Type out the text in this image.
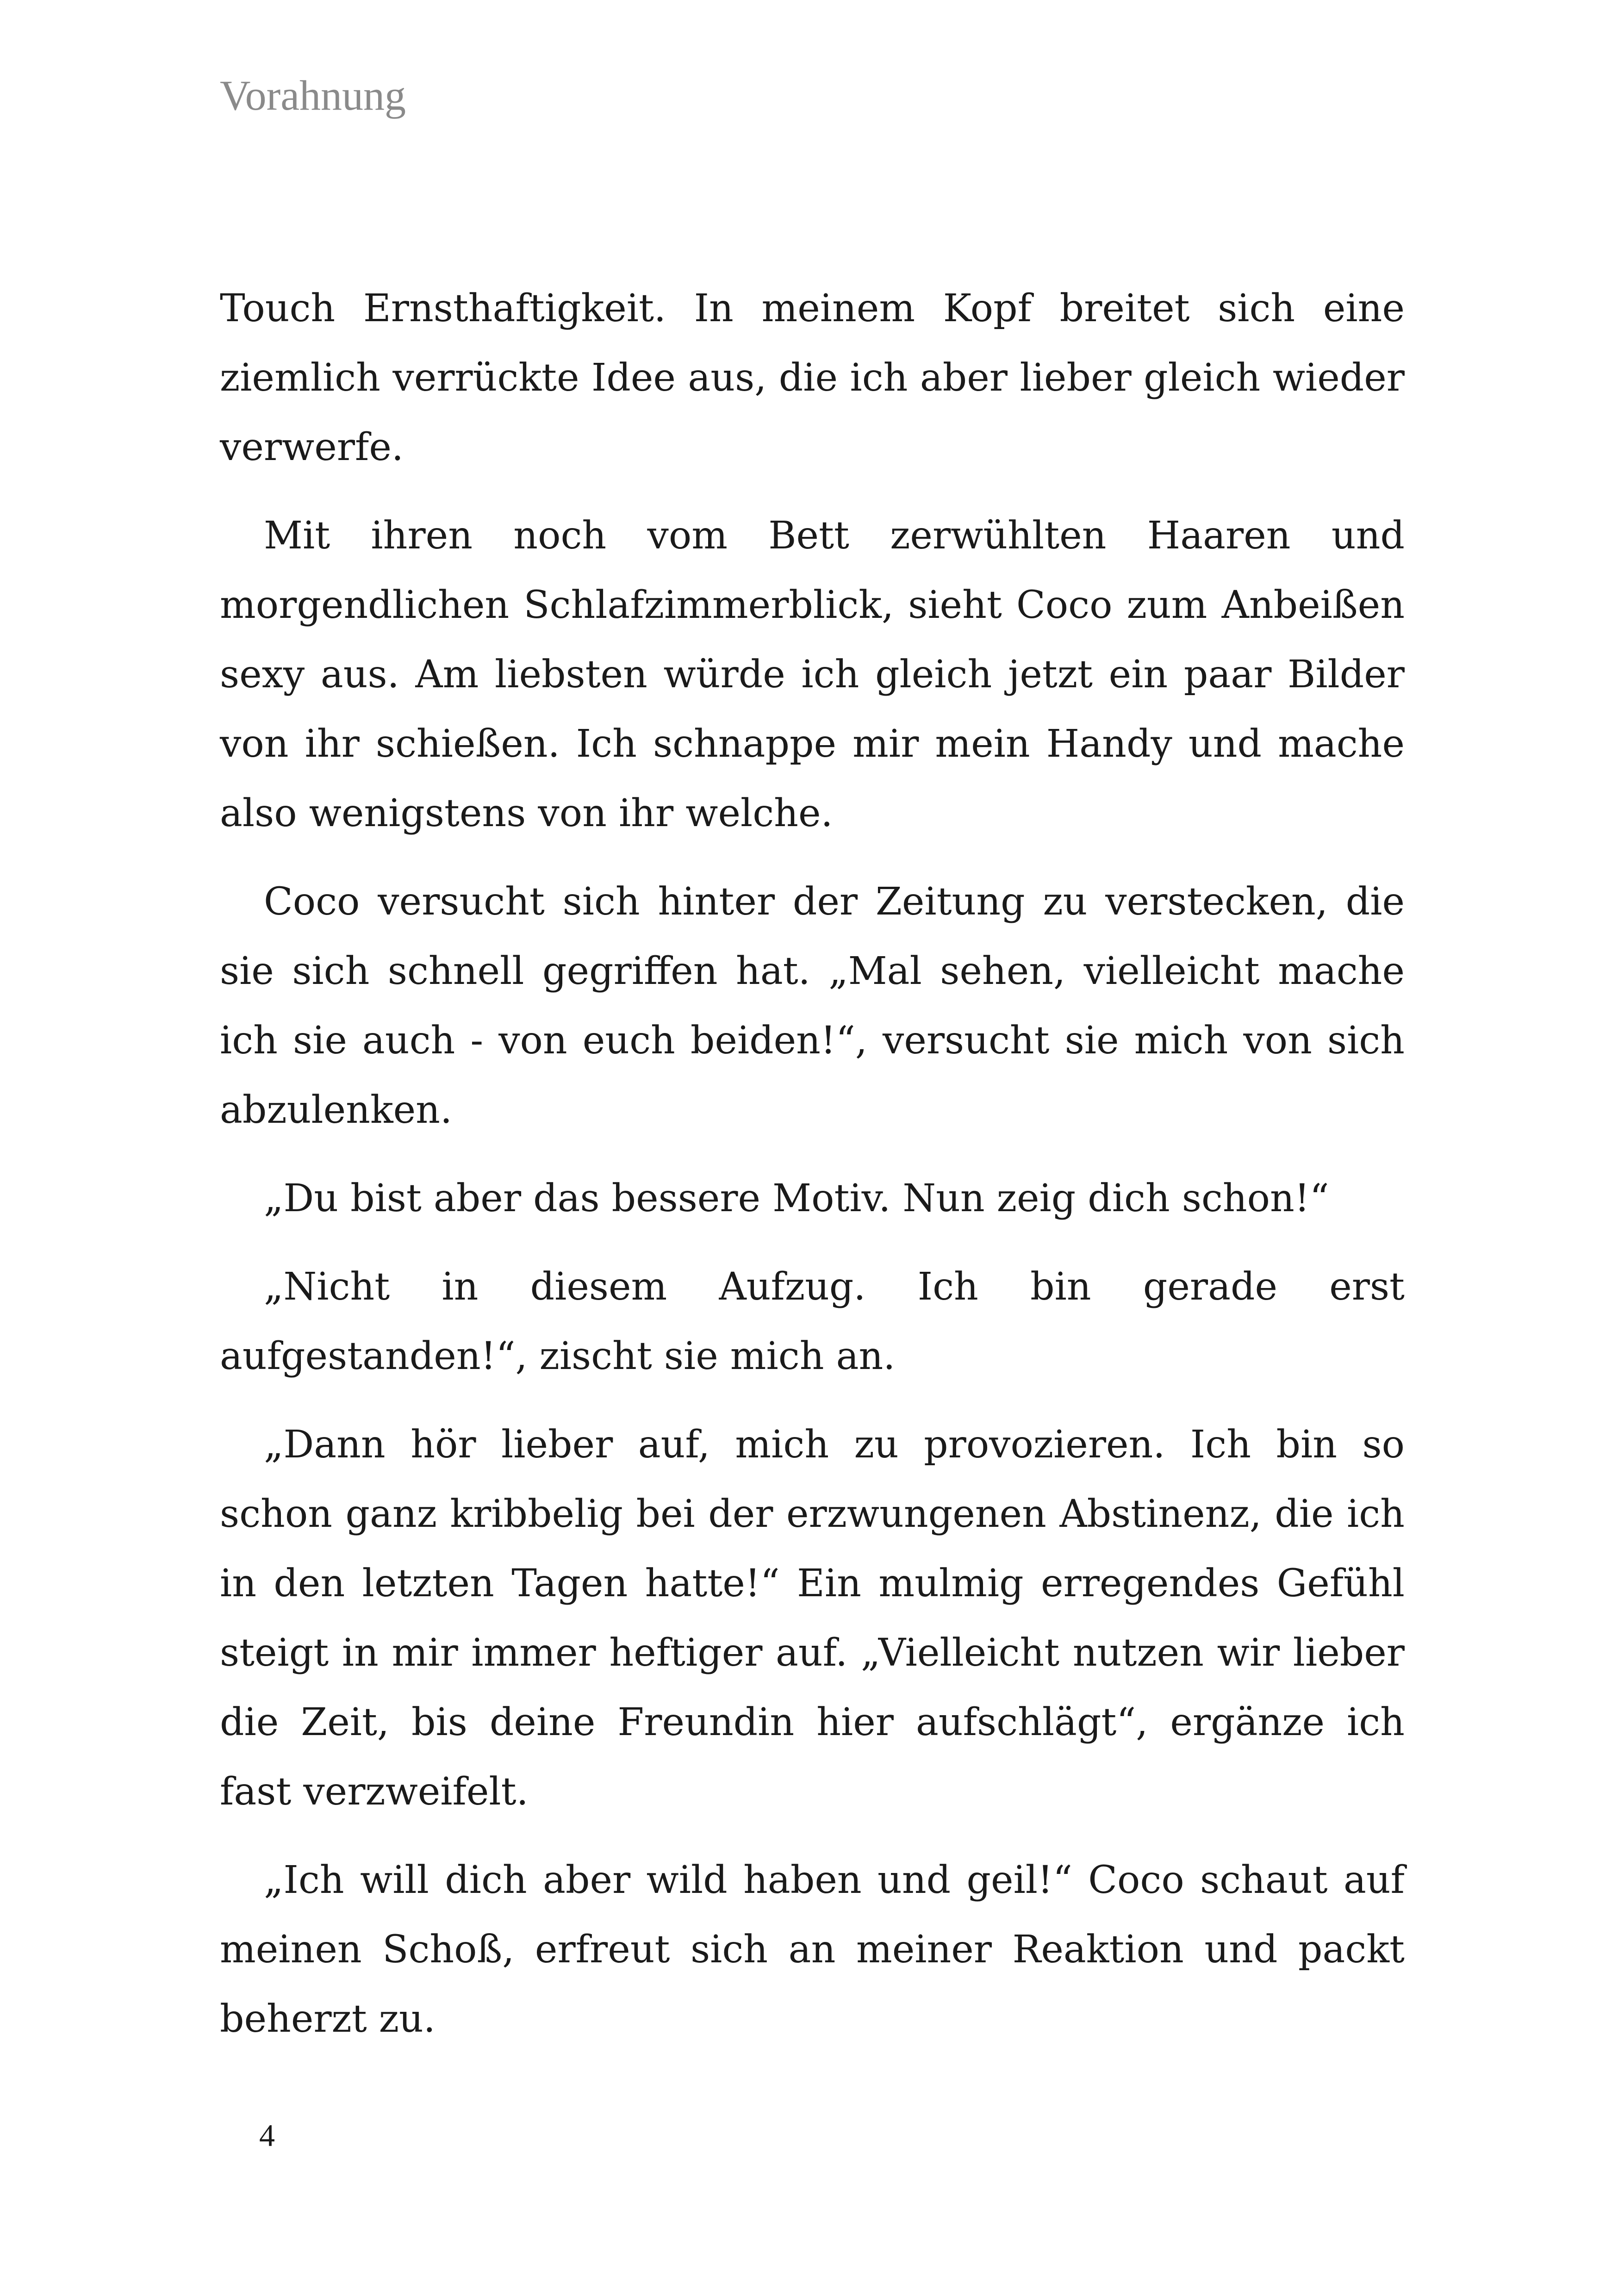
Vorahnung

Touch Ernsthaftigkeit. In meinem Kopf breitet sich eine ziemlich verrückte Idee aus, die ich aber lieber gleich wieder verwerfe.

Mit ihren noch vom Bett zerwühlten Haaren und morgendlichen Schlafzimmerblick, sieht Coco zum Anbeißen sexy aus. Am liebsten würde ich gleich jetzt ein paar Bilder von ihr schießen. Ich schnappe mir mein Handy und mache also wenigstens von ihr welche.

Coco versucht sich hinter der Zeitung zu verstecken, die sie sich schnell gegriffen hat. „Mal sehen, vielleicht mache ich sie auch - von euch beiden!“, versucht sie mich von sich abzulenken.

„Du bist aber das bessere Motiv. Nun zeig dich schon!“

„Nicht in diesem Aufzug. Ich bin gerade erst aufgestanden!“, zischt sie mich an.

„Dann hör lieber auf, mich zu provozieren. Ich bin so schon ganz kribbelig bei der erzwungenen Abstinenz, die ich in den letzten Tagen hatte!“ Ein mulmig erregendes Gefühl steigt in mir immer heftiger auf. „Vielleicht nutzen wir lieber die Zeit, bis deine Freundin hier aufschlägt“, ergänze ich fast verzweifelt.

„Ich will dich aber wild haben und geil!“ Coco schaut auf meinen Schoß, erfreut sich an meiner Reaktion und packt beherzt zu.

4
